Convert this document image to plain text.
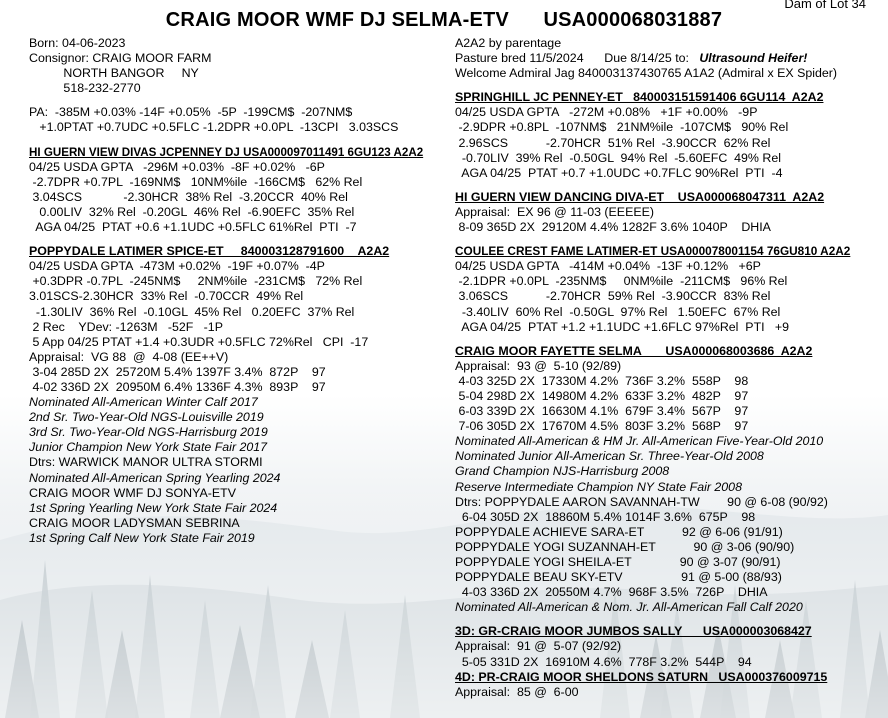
Dam of Lot 34
CRAIG MOOR WMF DJ SELMA-ETV      USA000068031887
Born: 04-06-2023
Consignor: CRAIG MOOR FARM
NORTH BANGOR     NY
518-232-2770
PA:  -385M +0.03% -14F +0.05%  -5P  -199CM$  -207NM$
+1.0PTAT +0.7UDC +0.5FLC -1.2DPR +0.0PL  -13CPI   3.03SCS
HI GUERN VIEW DIVAS JCPENNEY DJ USA000097011491 6GU123 A2A2
04/25 USDA GPTA   -296M +0.03%  -8F +0.02%   -6P
-2.7DPR +0.7PL  -169NM$   10NM%ile  -166CM$   62% Rel
3.04SCS            -2.30HCR  38% Rel  -3.20CCR  40% Rel
0.00LIV  32% Rel  -0.20GL  46% Rel  -6.90EFC  35% Rel
AGA 04/25  PTAT +0.6 +1.1UDC +0.5FLC 61%Rel  PTI  -7
POPPYDALE LATIMER SPICE-ET     840003128791600    A2A2
04/25 USDA GPTA  -473M +0.02%  -19F +0.07%  -4P
+0.3DPR -0.7PL  -245NM$     2NM%ile  -231CM$   72% Rel
3.01SCS-2.30HCR  33% Rel  -0.70CCR  49% Rel
-1.30LIV  36% Rel  -0.10GL  45% Rel   0.20EFC  37% Rel
2 Rec    YDev: -1263M   -52F   -1P
5 App 04/25 PTAT +1.4 +0.3UDR +0.5FLC 72%Rel   CPI  -17
Appraisal:  VG 88  @  4-08 (EE++V)
3-04 285D 2X  25720M 5.4% 1397F 3.4%  872P    97
4-02 336D 2X  20950M 6.4% 1336F 4.3%  893P    97
Nominated All-American Winter Calf 2017
2nd Sr. Two-Year-Old NGS-Louisville 2019
3rd Sr. Two-Year-Old NGS-Harrisburg 2019
Junior Champion New York State Fair 2017
Dtrs: WARWICK MANOR ULTRA STORMI
Nominated All-American Spring Yearling 2024
CRAIG MOOR WMF DJ SONYA-ETV
1st Spring Yearling New York State Fair 2024
CRAIG MOOR LADYSMAN SEBRINA
1st Spring Calf New York State Fair 2019
A2A2 by parentage
Pasture bred 11/5/2024      Due 8/14/25 to: Ultrasound Heifer!
Welcome Admiral Jag 840003137430765 A1A2 (Admiral x EX Spider)
SPRINGHILL JC PENNEY-ET   840003151591406 6GU114  A2A2
04/25 USDA GPTA   -272M +0.08%   +1F +0.00%   -9P
-2.9DPR +0.8PL  -107NM$   21NM%ile  -107CM$   90% Rel
2.96SCS           -2.70HCR  51% Rel  -3.90CCR  62% Rel
-0.70LIV  39% Rel  -0.50GL  94% Rel  -5.60EFC  49% Rel
AGA 04/25  PTAT +0.7 +1.0UDC +0.7FLC 90%Rel  PTI  -4
HI GUERN VIEW DANCING DIVA-ET    USA000068047311  A2A2
Appraisal:  EX 96 @ 11-03 (EEEEE)
8-09 365D 2X  29120M 4.4% 1282F 3.6% 1040P    DHIA
COULEE CREST FAME LATIMER-ET USA000078001154 76GU810 A2A2
04/25 USDA GPTA   -414M +0.04%  -13F +0.12%   +6P
-2.1DPR +0.0PL  -235NM$     0NM%ile  -211CM$   96% Rel
3.06SCS           -2.70HCR  59% Rel  -3.90CCR  83% Rel
-3.40LIV  60% Rel  -0.50GL  97% Rel   1.50EFC  67% Rel
AGA 04/25  PTAT +1.2 +1.1UDC +1.6FLC 97%Rel  PTI   +9
CRAIG MOOR FAYETTE SELMA       USA000068003686  A2A2
Appraisal:  93 @  5-10 (92/89)
4-03 325D 2X  17330M 4.2%  736F 3.2%  558P    98
5-04 298D 2X  14980M 4.2%  633F 3.2%  482P    97
6-03 339D 2X  16630M 4.1%  679F 3.4%  567P    97
7-06 305D 2X  17670M 4.5%  803F 3.2%  568P    97
Nominated All-American & HM Jr. All-American Five-Year-Old 2010
Nominated Junior All-American Sr. Three-Year-Old 2008
Grand Champion NJS-Harrisburg 2008
Reserve Intermediate Champion NY State Fair 2008
Dtrs: POPPYDALE AARON SAVANNAH-TW        90 @ 6-08 (90/92)
6-04 305D 2X  18860M 5.4% 1014F 3.6%  675P    98
POPPYDALE ACHIEVE SARA-ET           92 @ 6-06 (91/91)
POPPYDALE YOGI SUZANNAH-ET           90 @ 3-06 (90/90)
POPPYDALE YOGI SHEILA-ET              90 @ 3-07 (90/91)
POPPYDALE BEAU SKY-ETV                 91 @ 5-00 (88/93)
4-03 336D 2X  20550M 4.7%  968F 3.5%  726P    DHIA
Nominated All-American & Nom. Jr. All-American Fall Calf 2020
3D: GR-CRAIG MOOR JUMBOS SALLY      USA000003068427
Appraisal:  91 @  5-07 (92/92)
5-05 331D 2X  16910M 4.6%  778F 3.2%  544P    94
4D: PR-CRAIG MOOR SHELDONS SATURN   USA000376009715
Appraisal:  85 @  6-00
